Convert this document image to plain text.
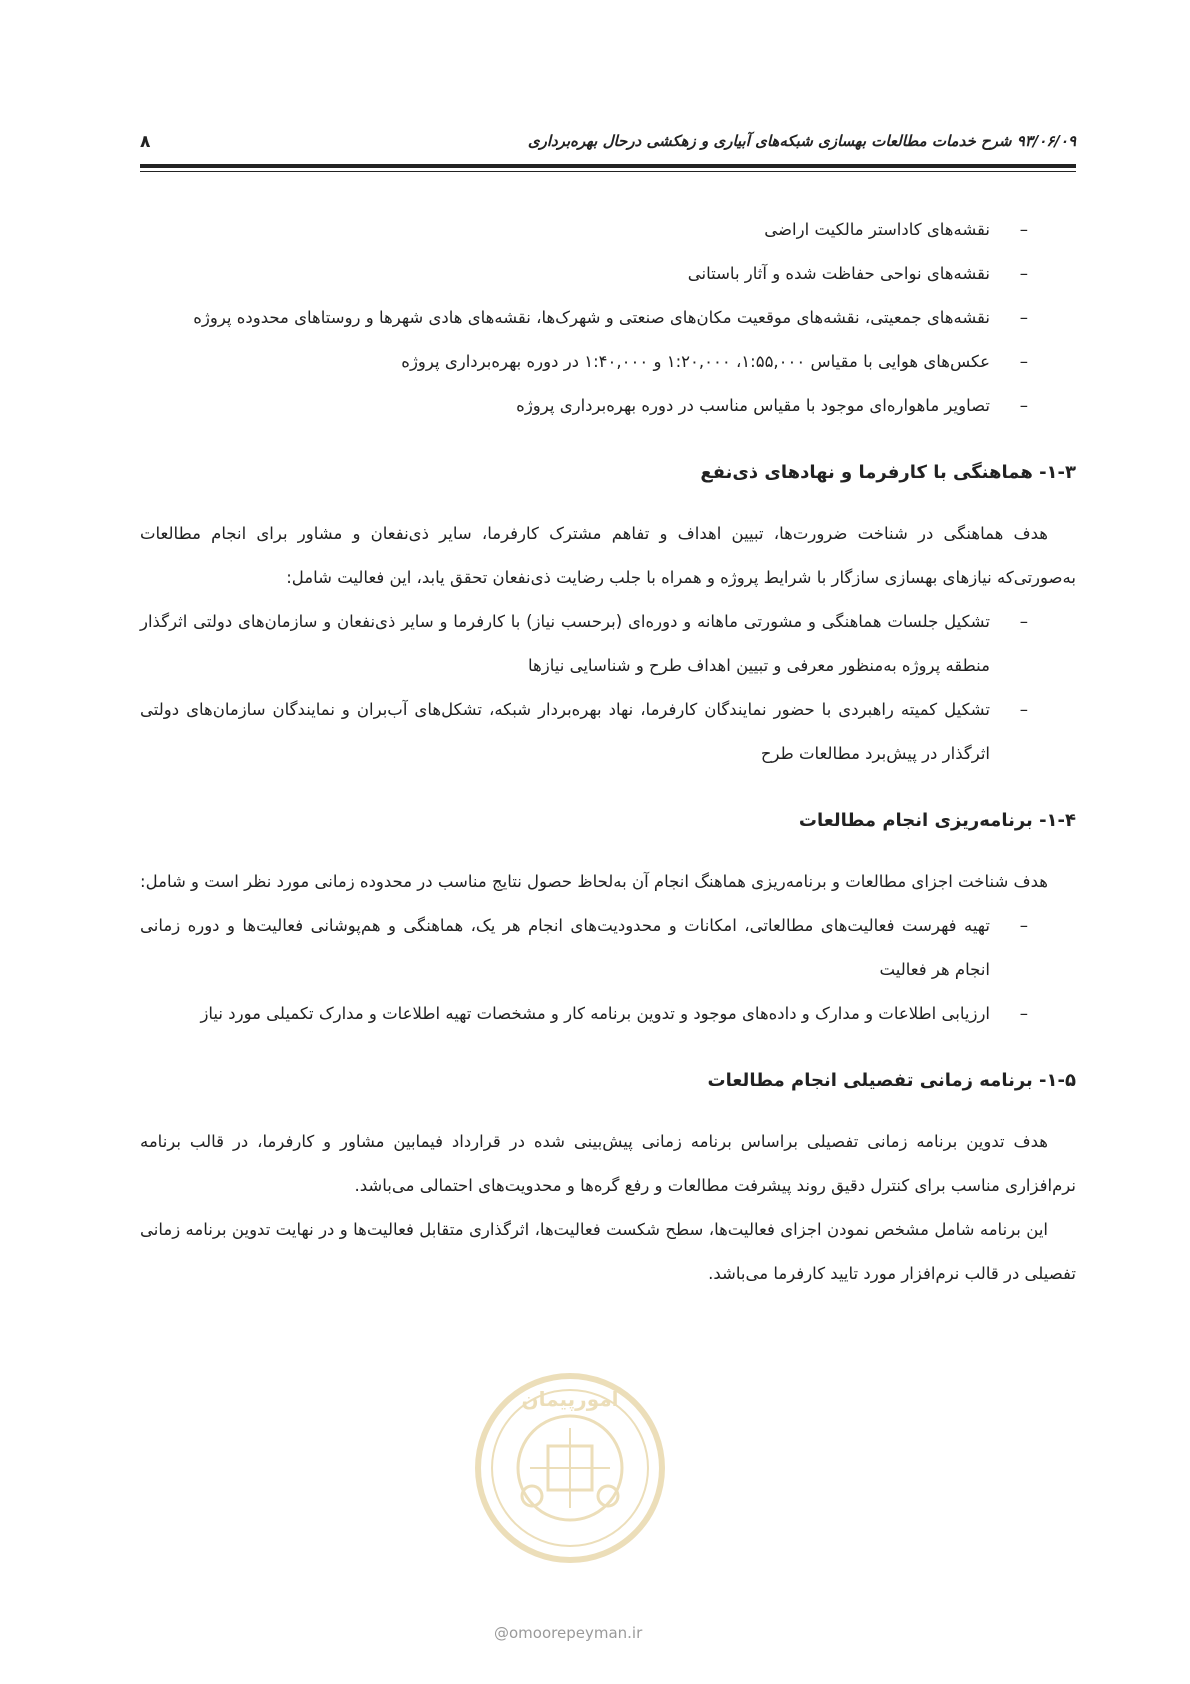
۹۳/۰۶/۰۹ شرح خدمات مطالعات بهسازی شبکه‌های آبیاری و زهکشی درحال بهره‌برداری
۸
–
نقشه‌های کاداستر مالکیت اراضی
–
نقشه‌های نواحی حفاظت شده و آثار باستانی
–
نقشه‌های جمعیتی، نقشه‌های موقعیت مکان‌های صنعتی و شهرک‌ها، نقشه‌های هادی شهرها و روستاهای محدوده پروژه
–
عکس‌های هوایی با مقیاس ۱:۵۵,۰۰۰، ۱:۲۰,۰۰۰ و ۱:۴۰,۰۰۰ در دوره بهره‌برداری پروژه
–
تصاویر ماهواره‌ای موجود با مقیاس مناسب در دوره بهره‌برداری پروژه
۱-۳- هماهنگی با کارفرما و نهادهای ذی‌نفع

هدف هماهنگی در شناخت ضرورت‌ها، تبیین اهداف و تفاهم مشترک کارفرما، سایر ذی‌نفعان و مشاور برای انجام مطالعات به‌صورتی‌که نیازهای بهسازی سازگار با شرایط پروژه و همراه با جلب رضایت ذی‌نفعان تحقق یابد، این فعالیت شامل:

–
تشکیل جلسات هماهنگی و مشورتی ماهانه و دوره‌ای (برحسب نیاز) با کارفرما و سایر ذی‌نفعان و سازمان‌های دولتی اثرگذار منطقه پروژه به‌منظور معرفی و تبیین اهداف طرح و شناسایی نیازها
–
تشکیل کمیته راهبردی با حضور نمایندگان کارفرما، نهاد بهره‌بردار شبکه، تشکل‌های آب‌بران و نمایندگان سازمان‌های دولتی اثرگذار در پیش‌برد مطالعات طرح
۱-۴- برنامه‌ریزی انجام مطالعات

هدف شناخت اجزای مطالعات و برنامه‌ریزی هماهنگ انجام آن به‌لحاظ حصول نتایج مناسب در محدوده زمانی مورد نظر است و شامل:

–
تهیه فهرست فعالیت‌های مطالعاتی، امکانات و محدودیت‌های انجام هر یک، هماهنگی و هم‌پوشانی فعالیت‌ها و دوره زمانی انجام هر فعالیت
–
ارزیابی اطلاعات و مدارک و داده‌های موجود و تدوین برنامه کار و مشخصات تهیه اطلاعات و مدارک تکمیلی مورد نیاز
۱-۵- برنامه زمانی تفصیلی انجام مطالعات

هدف تدوین برنامه زمانی تفصیلی براساس برنامه زمانی پیش‌بینی شده در قرارداد فیمابین مشاور و کارفرما، در قالب برنامه نرم‌افزاری مناسب برای کنترل دقیق روند پیشرفت مطالعات و رفع گره‌ها و محدویت‌های احتمالی می‌باشد.

این برنامه شامل مشخص نمودن اجزای فعالیت‌ها، سطح شکست فعالیت‌ها، اثرگذاری متقابل فعالیت‌ها و در نهایت تدوین برنامه زمانی تفصیلی در قالب نرم‌افزار مورد تایید کارفرما می‌باشد.

امورپیمان
@omoorepeyman.ir
